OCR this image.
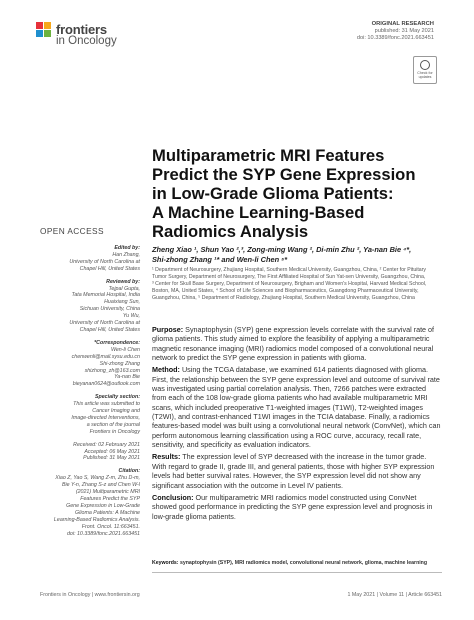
frontiers
in Oncology
ORIGINAL RESEARCH
published: 31 May 2021
doi: 10.3389/fonc.2021.663451
Check for
updates
Multiparametric MRI Features
Predict the SYP Gene Expression
in Low-Grade Glioma Patients:
A Machine Learning-Based
Radiomics Analysis
OPEN ACCESS
Zheng Xiao ¹, Shun Yao ²,³, Zong-ming Wang ², Di-min Zhu ², Ya-nan Bie ⁴*,
Shi-zhong Zhang ¹* and Wen-li Chen ⁵*
¹ Department of Neurosurgery, Zhujiang Hospital, Southern Medical University, Guangzhou, China, ² Center for Pituitary
Tumor Surgery, Department of Neurosurgery, The First Affiliated Hospital of Sun Yat-sen University, Guangzhou, China,
³ Center for Skull Base Surgery, Department of Neurosurgery, Brigham and Women's Hospital, Harvard Medical School,
Boston, MA, United States, ⁴ School of Life Sciences and Biopharmaceutics, Guangdong Pharmaceutical University,
Guangzhou, China, ⁵ Department of Radiology, Zhujiang Hospital, Southern Medical University, Guangzhou, China
Edited by:
Han Zhang,
University of North Carolina at
Chapel Hill, United States
Reviewed by:
Tejpal Gupta,
Tata Memorial Hospital, India
Huaixiang Sun,
Sichuan University, China
Yu Wu,
University of North Carolina at
Chapel Hill, United States
*Correspondence:
Wen-li Chen
chenwenli@mail.sysu.edu.cn
Shi-zhong Zhang
shizhong_zh@163.com
Ya-nan Bie
bieyanan0624@outlook.com
Specialty section:
This article was submitted to
Cancer Imaging and
Image-directed Interventions,
a section of the journal
Frontiers in Oncology
Received: 02 February 2021
Accepted: 06 May 2021
Published: 31 May 2021
Citation:
Xiao Z, Yao S, Wang Z-m, Zhu D-m,
Bie Y-n, Zhang S-z and Chen W-l
(2021) Multiparametric MRI
Features Predict the SYP
Gene Expression in Low-Grade
Glioma Patients: A Machine
Learning-Based Radiomics Analysis.
Front. Oncol. 11:663451.
doi: 10.3389/fonc.2021.663451

Purpose: Synaptophysin (SYP) gene expression levels correlate with the survival rate of glioma patients. This study aimed to explore the feasibility of applying a multiparametric magnetic resonance imaging (MRI) radiomics model composed of a convolutional neural network to predict the SYP gene expression in patients with glioma.

Method: Using the TCGA database, we examined 614 patients diagnosed with glioma. First, the relationship between the SYP gene expression level and outcome of survival rate was investigated using partial correlation analysis. Then, 7266 patches were extracted from each of the 108 low-grade glioma patients who had available multiparametric MRI scans, which included preoperative T1-weighted images (T1WI), T2-weighted images (T2WI), and contrast-enhanced T1WI images in the TCIA database. Finally, a radiomics features-based model was built using a convolutional neural network (ConvNet), which can perform autonomous learning classification using a ROC curve, accuracy, recall rate, sensitivity, and specificity as evaluation indicators.

Results: The expression level of SYP decreased with the increase in the tumor grade. With regard to grade II, grade III, and general patients, those with higher SYP expression levels had better survival rates. However, the SYP expression level did not show any significant association with the outcome in Level IV patients.

Conclusion: Our multiparametric MRI radiomics model constructed using ConvNet showed good performance in predicting the SYP gene expression level and prognosis in low-grade glioma patients.

Keywords: synaptophysin (SYP), MRI radiomics model, convolutional neural network, glioma, machine learning
Frontiers in Oncology | www.frontiersin.org	1 May 2021 | Volume 11 | Article 663451
